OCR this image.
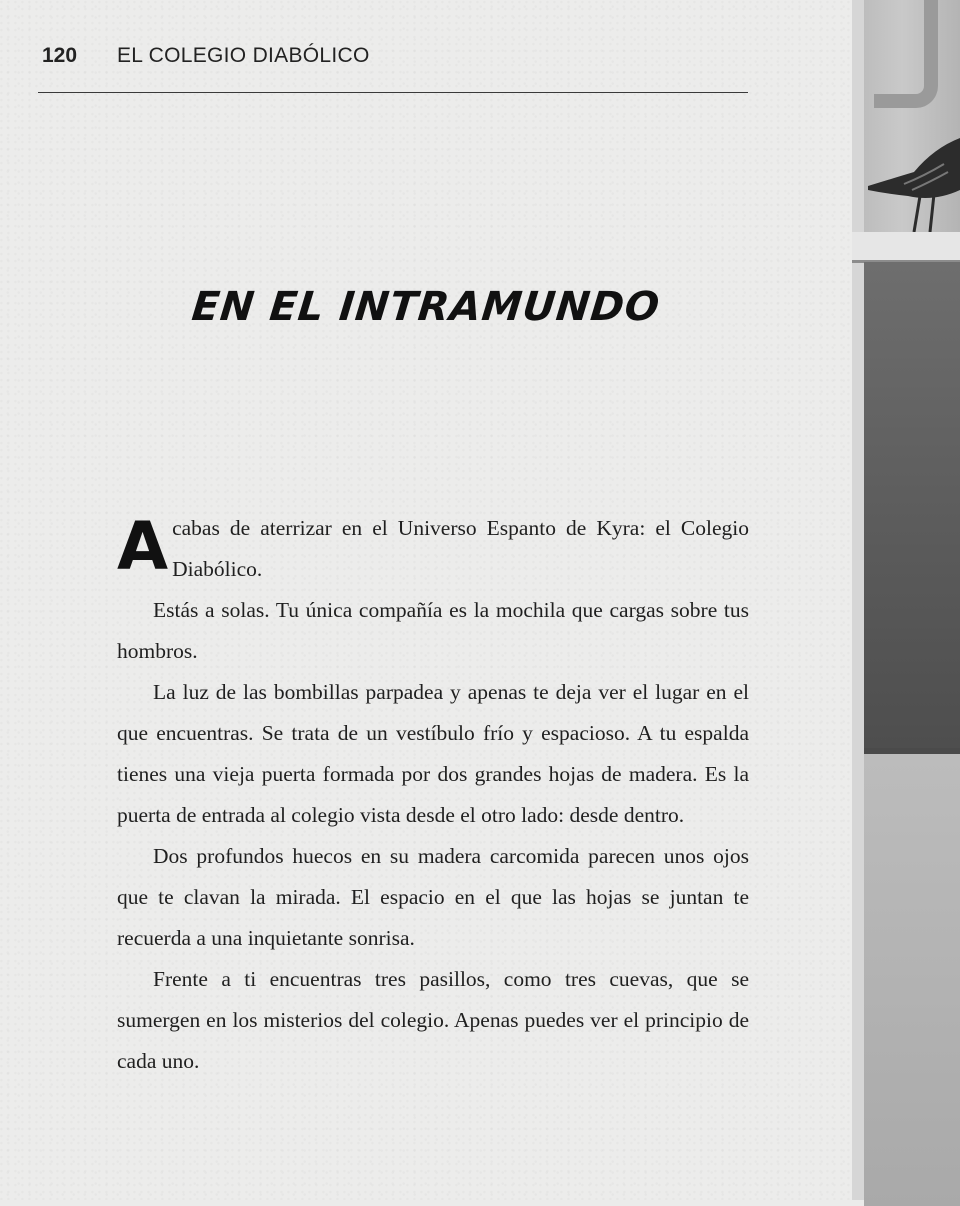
120 EL COLEGIO DIABÓLICO
EN EL INTRAMUNDO

Acabas de aterrizar en el Universo Espanto de Kyra: el Colegio Diabólico.

Estás a solas. Tu única compañía es la mochila que cargas sobre tus hombros.

La luz de las bombillas parpadea y apenas te deja ver el lugar en el que encuentras. Se trata de un vestíbulo frío y espacioso. A tu espalda tienes una vieja puerta formada por dos grandes hojas de madera. Es la puerta de entrada al colegio vista desde el otro lado: desde dentro.

Dos profundos huecos en su madera carcomida parecen unos ojos que te clavan la mirada. El espacio en el que las hojas se juntan te recuerda a una inquietante sonrisa.

Frente a ti encuentras tres pasillos, como tres cuevas, que se sumergen en los misterios del colegio. Apenas puedes ver el principio de cada uno.
